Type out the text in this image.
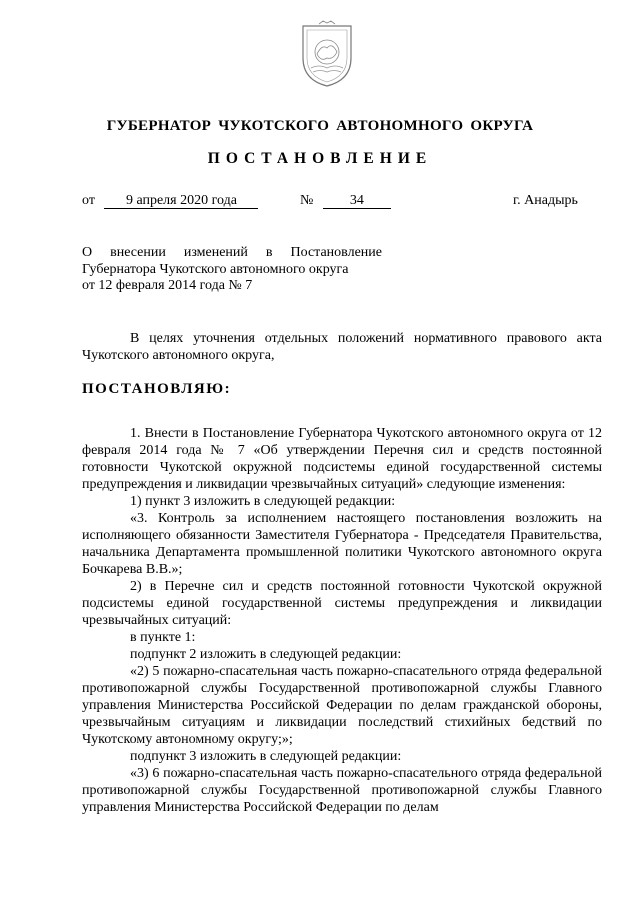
ГУБЕРНАТОР ЧУКОТСКОГО АВТОНОМНОГО ОКРУГА
ПОСТАНОВЛЕНИЕ
от 9 апреля 2020 года	№	34	г. Анадырь
О внесении изменений в Постановление
Губернатора Чукотского автономного округа
от 12 февраля 2014 года № 7
В целях уточнения отдельных положений нормативного правового акта Чукотского автономного округа,
ПОСТАНОВЛЯЮ:

1. Внести в Постановление Губернатора Чукотского автономного округа от 12 февраля 2014 года № 7 «Об утверждении Перечня сил и средств постоянной готовности Чукотской окружной подсистемы единой государственной системы предупреждения и ликвидации чрезвычайных ситуаций» следующие изменения:

1) пункт 3 изложить в следующей редакции:

«3. Контроль за исполнением настоящего постановления возложить на исполняющего обязанности Заместителя Губернатора - Председателя Правительства, начальника Департамента промышленной политики Чукотского автономного округа Бочкарева В.В.»;

2) в Перечне сил и средств постоянной готовности Чукотской окружной подсистемы единой государственной системы предупреждения и ликвидации чрезвычайных ситуаций:

в пункте 1:

подпункт 2 изложить в следующей редакции:

«2) 5 пожарно-спасательная часть пожарно-спасательного отряда федеральной противопожарной службы Государственной противопожарной службы Главного управления Министерства Российской Федерации по делам гражданской обороны, чрезвычайным ситуациям и ликвидации последствий стихийных бедствий по Чукотскому автономному округу;»;

подпункт 3 изложить в следующей редакции:

«3) 6 пожарно-спасательная часть пожарно-спасательного отряда федеральной противопожарной службы Государственной противопожарной службы Главного управления Министерства Российской Федерации по делам
